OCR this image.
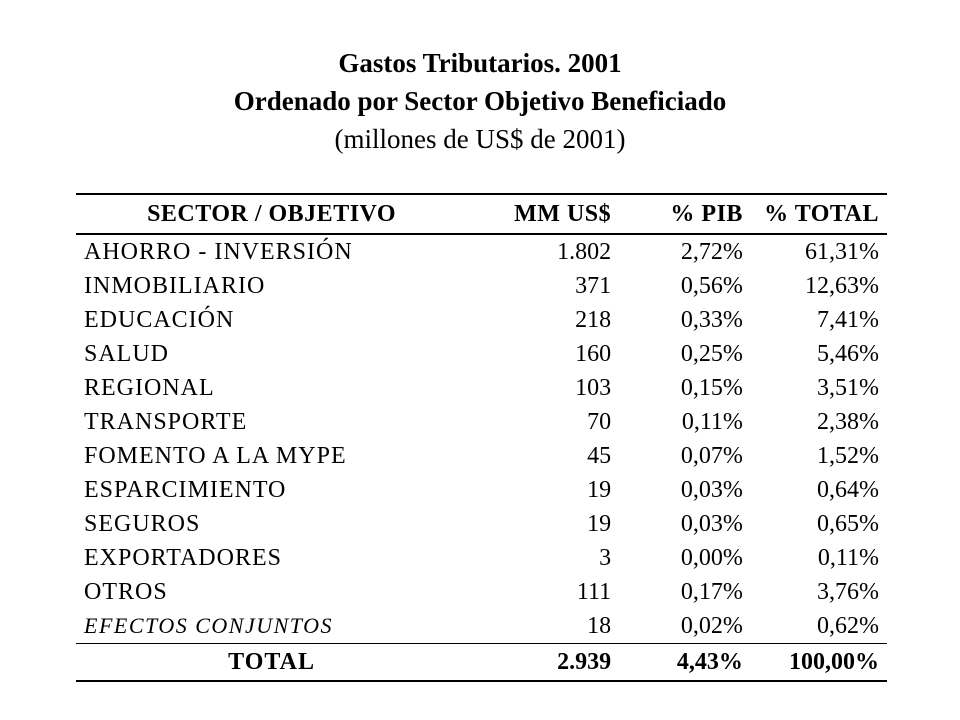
Gastos Tributarios. 2001
Ordenado por Sector Objetivo Beneficiado
(millones de US$ de 2001)
SECTOR / OBJETIVO	MM US$	% PIB	% TOTAL
AHORRO - INVERSIÓN	1.802	2,72%	61,31%
INMOBILIARIO	371	0,56%	12,63%
EDUCACIÓN	218	0,33%	7,41%
SALUD	160	0,25%	5,46%
REGIONAL	103	0,15%	3,51%
TRANSPORTE	70	0,11%	2,38%
FOMENTO A LA MYPE	45	0,07%	1,52%
ESPARCIMIENTO	19	0,03%	0,64%
SEGUROS	19	0,03%	0,65%
EXPORTADORES	3	0,00%	0,11%
OTROS	111	0,17%	3,76%
EFECTOS CONJUNTOS	18	0,02%	0,62%
TOTAL	2.939	4,43%	100,00%
